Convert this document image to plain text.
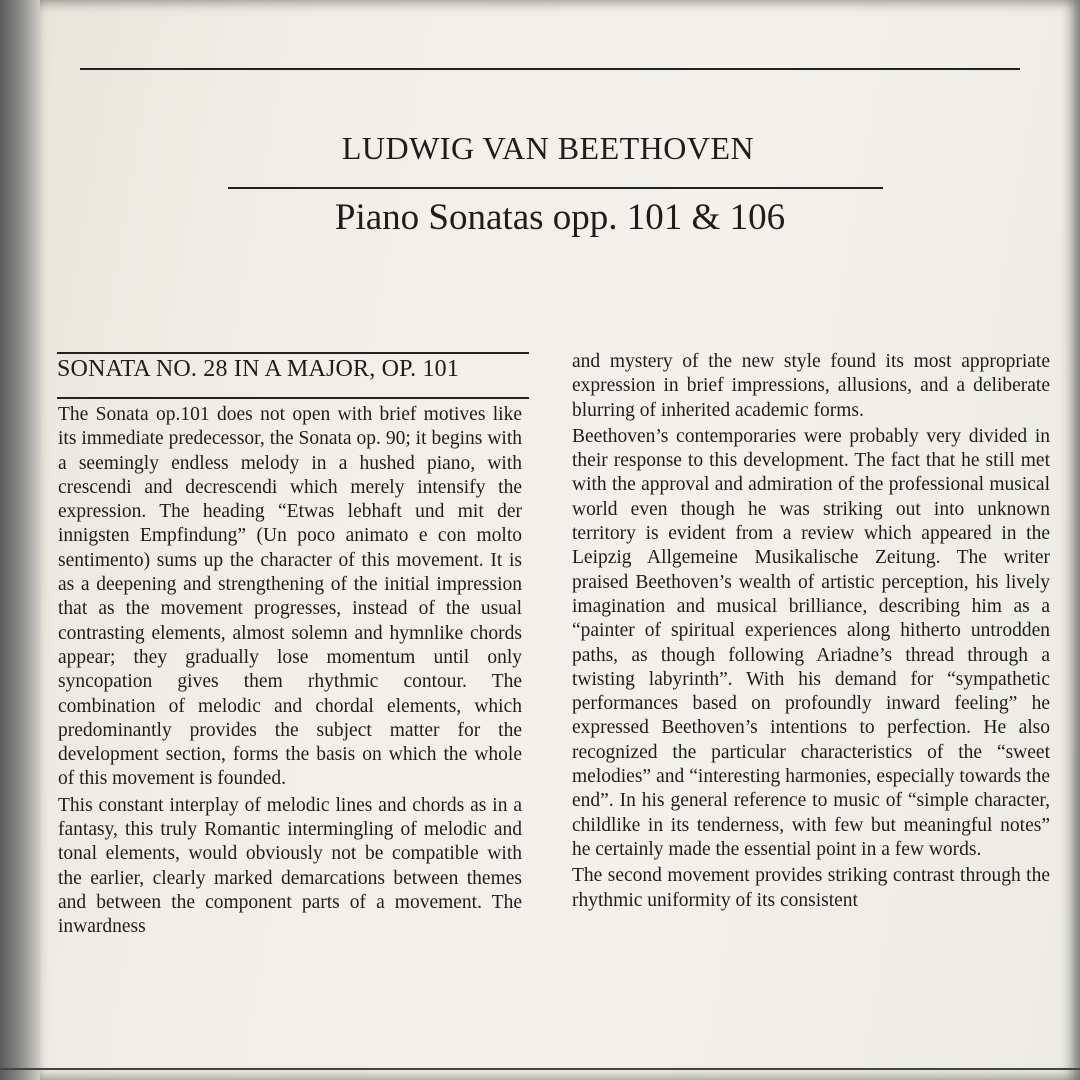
LUDWIG VAN BEETHOVEN
Piano Sonatas opp. 101 & 106
SONATA NO. 28 IN A MAJOR, OP. 101

The Sonata op.101 does not open with brief motives like its immediate predecessor, the Sonata op. 90; it begins with a seemingly endless melody in a hushed piano, with crescendi and decrescendi which merely intensify the expression. The heading “Etwas lebhaft und mit der innigsten Empfindung” (Un poco animato e con molto sentimento) sums up the character of this movement. It is as a deepening and strengthening of the initial impression that as the movement progresses, instead of the usual contrasting elements, almost solemn and hymnlike chords appear; they gradually lose momentum until only syncopation gives them rhythmic contour. The combination of melodic and chordal elements, which predominantly provides the subject matter for the development section, forms the basis on which the whole of this movement is founded.

This constant interplay of melodic lines and chords as in a fantasy, this truly Romantic intermingling of melodic and tonal elements, would obviously not be compatible with the earlier, clearly marked demarcations between themes and between the component parts of a movement. The inwardness

and mystery of the new style found its most appropriate expression in brief impressions, allusions, and a deliberate blurring of inherited academic forms.

Beethoven’s contemporaries were probably very divided in their response to this development. The fact that he still met with the approval and admiration of the professional musical world even though he was striking out into unknown territory is evident from a review which appeared in the Leipzig Allgemeine Musikalische Zeitung. The writer praised Beethoven’s wealth of artistic perception, his lively imagination and musical brilliance, describing him as a “painter of spiritual experiences along hitherto untrodden paths, as though following Ariadne’s thread through a twisting labyrinth”. With his demand for “sympathetic performances based on profoundly inward feeling” he expressed Beethoven’s intentions to perfection. He also recognized the particular characteristics of the “sweet melodies” and “interesting harmonies, especially towards the end”. In his general reference to music of “simple character, childlike in its tenderness, with few but meaningful notes” he certainly made the essential point in a few words.

The second movement provides striking contrast through the rhythmic uniformity of its consistent
